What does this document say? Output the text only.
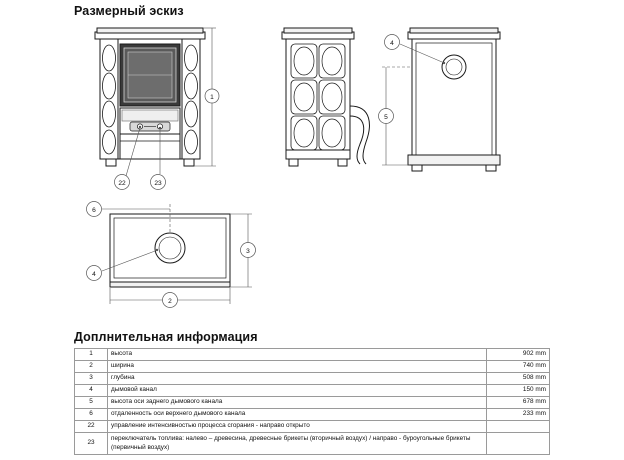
Размерный эскиз
Доплнительная информация
1
22	23
4
5
6
4
3
2
1	высота	902 mm
2	ширина	740 mm
3	глубина	508 mm
4	дымовой канал	150 mm
5	высота оси заднего дымового канала	678 mm
6	отдаленность оси верхнего дымового канала	233 mm
22	управление интенсивностью процесса сгорания - направо открыто	
23	переключатель топлива: налево – древесина, древесные брикеты (вторичный воздух) / направо - буроугольные брикеты (первичный воздух)	
